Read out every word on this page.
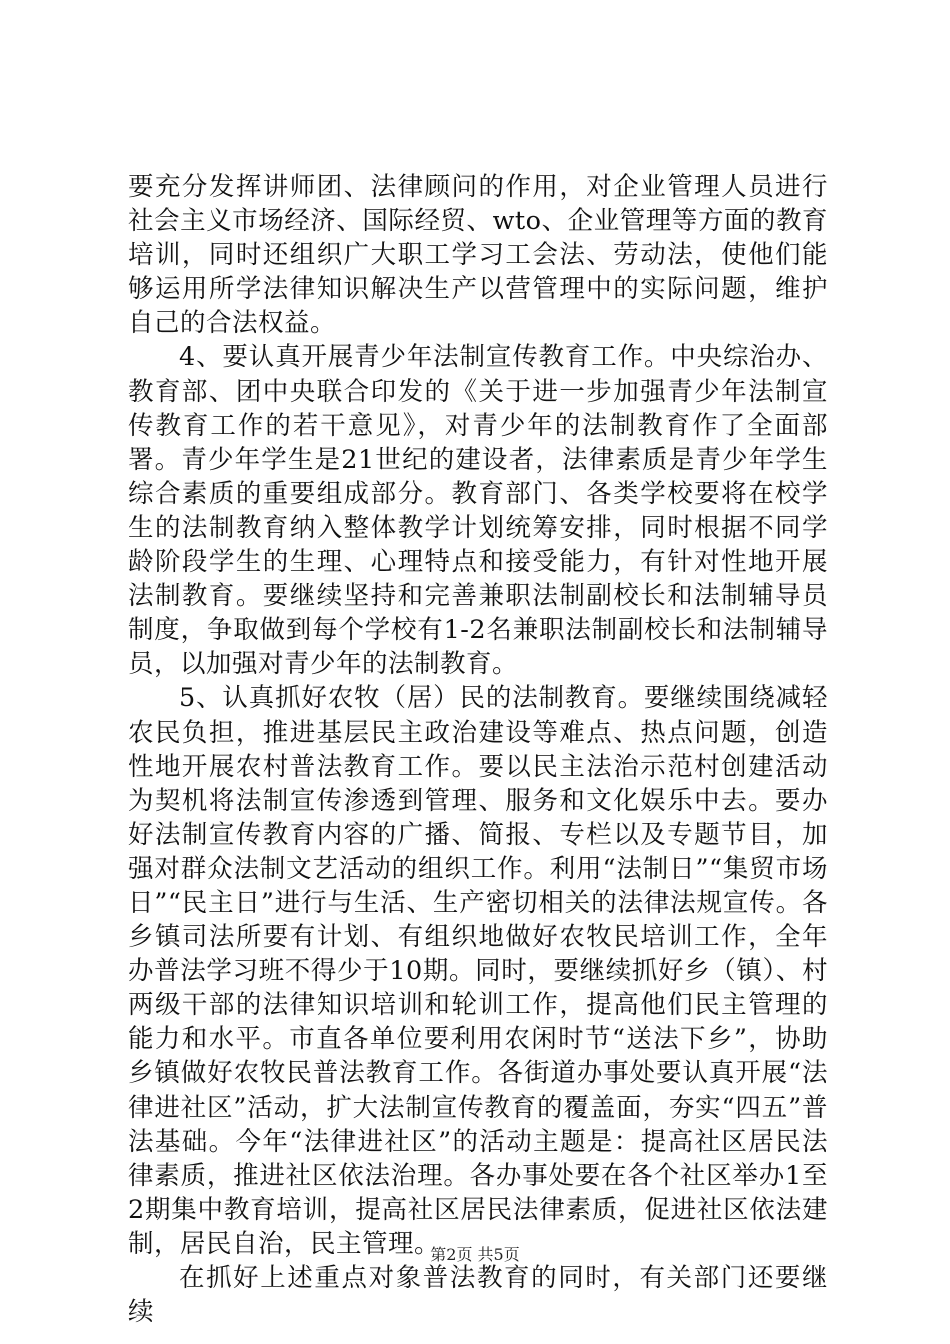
要充分发挥讲师团、法律顾问的作用，对企业管理人员进行社会主义市场经济、国际经贸、wto、企业管理等方面的教育培训，同时还组织广大职工学习工会法、劳动法，使他们能够运用所学法律知识解决生产以营管理中的实际问题，维护自己的合法权益。

4、要认真开展青少年法制宣传教育工作。中央综治办、教育部、团中央联合印发的《关于进一步加强青少年法制宣传教育工作的若干意见》，对青少年的法制教育作了全面部署。青少年学生是21世纪的建设者，法律素质是青少年学生综合素质的重要组成部分。教育部门、各类学校要将在校学生的法制教育纳入整体教学计划统筹安排，同时根据不同学龄阶段学生的生理、心理特点和接受能力，有针对性地开展法制教育。要继续坚持和完善兼职法制副校长和法制辅导员制度，争取做到每个学校有1-2名兼职法制副校长和法制辅导员，以加强对青少年的法制教育。

5、认真抓好农牧（居）民的法制教育。要继续围绕减轻农民负担，推进基层民主政治建设等难点、热点问题，创造性地开展农村普法教育工作。要以民主法治示范村创建活动为契机将法制宣传渗透到管理、服务和文化娱乐中去。要办好法制宣传教育内容的广播、简报、专栏以及专题节目，加强对群众法制文艺活动的组织工作。利用“法制日”“集贸市场日”“民主日”进行与生活、生产密切相关的法律法规宣传。各乡镇司法所要有计划、有组织地做好农牧民培训工作，全年办普法学习班不得少于10期。同时，要继续抓好乡（镇）、村两级干部的法律知识培训和轮训工作，提高他们民主管理的能力和水平。市直各单位要利用农闲时节“送法下乡”，协助乡镇做好农牧民普法教育工作。各街道办事处要认真开展“法律进社区”活动，扩大法制宣传教育的覆盖面，夯实“四五”普法基础。今年“法律进社区”的活动主题是：提高社区居民法律素质，推进社区依法治理。各办事处要在各个社区举办1至2期集中教育培训，提高社区居民法律素质，促进社区依法建制，居民自治，民主管理。

在抓好上述重点对象普法教育的同时，有关部门还要继续

第2页 共5页
